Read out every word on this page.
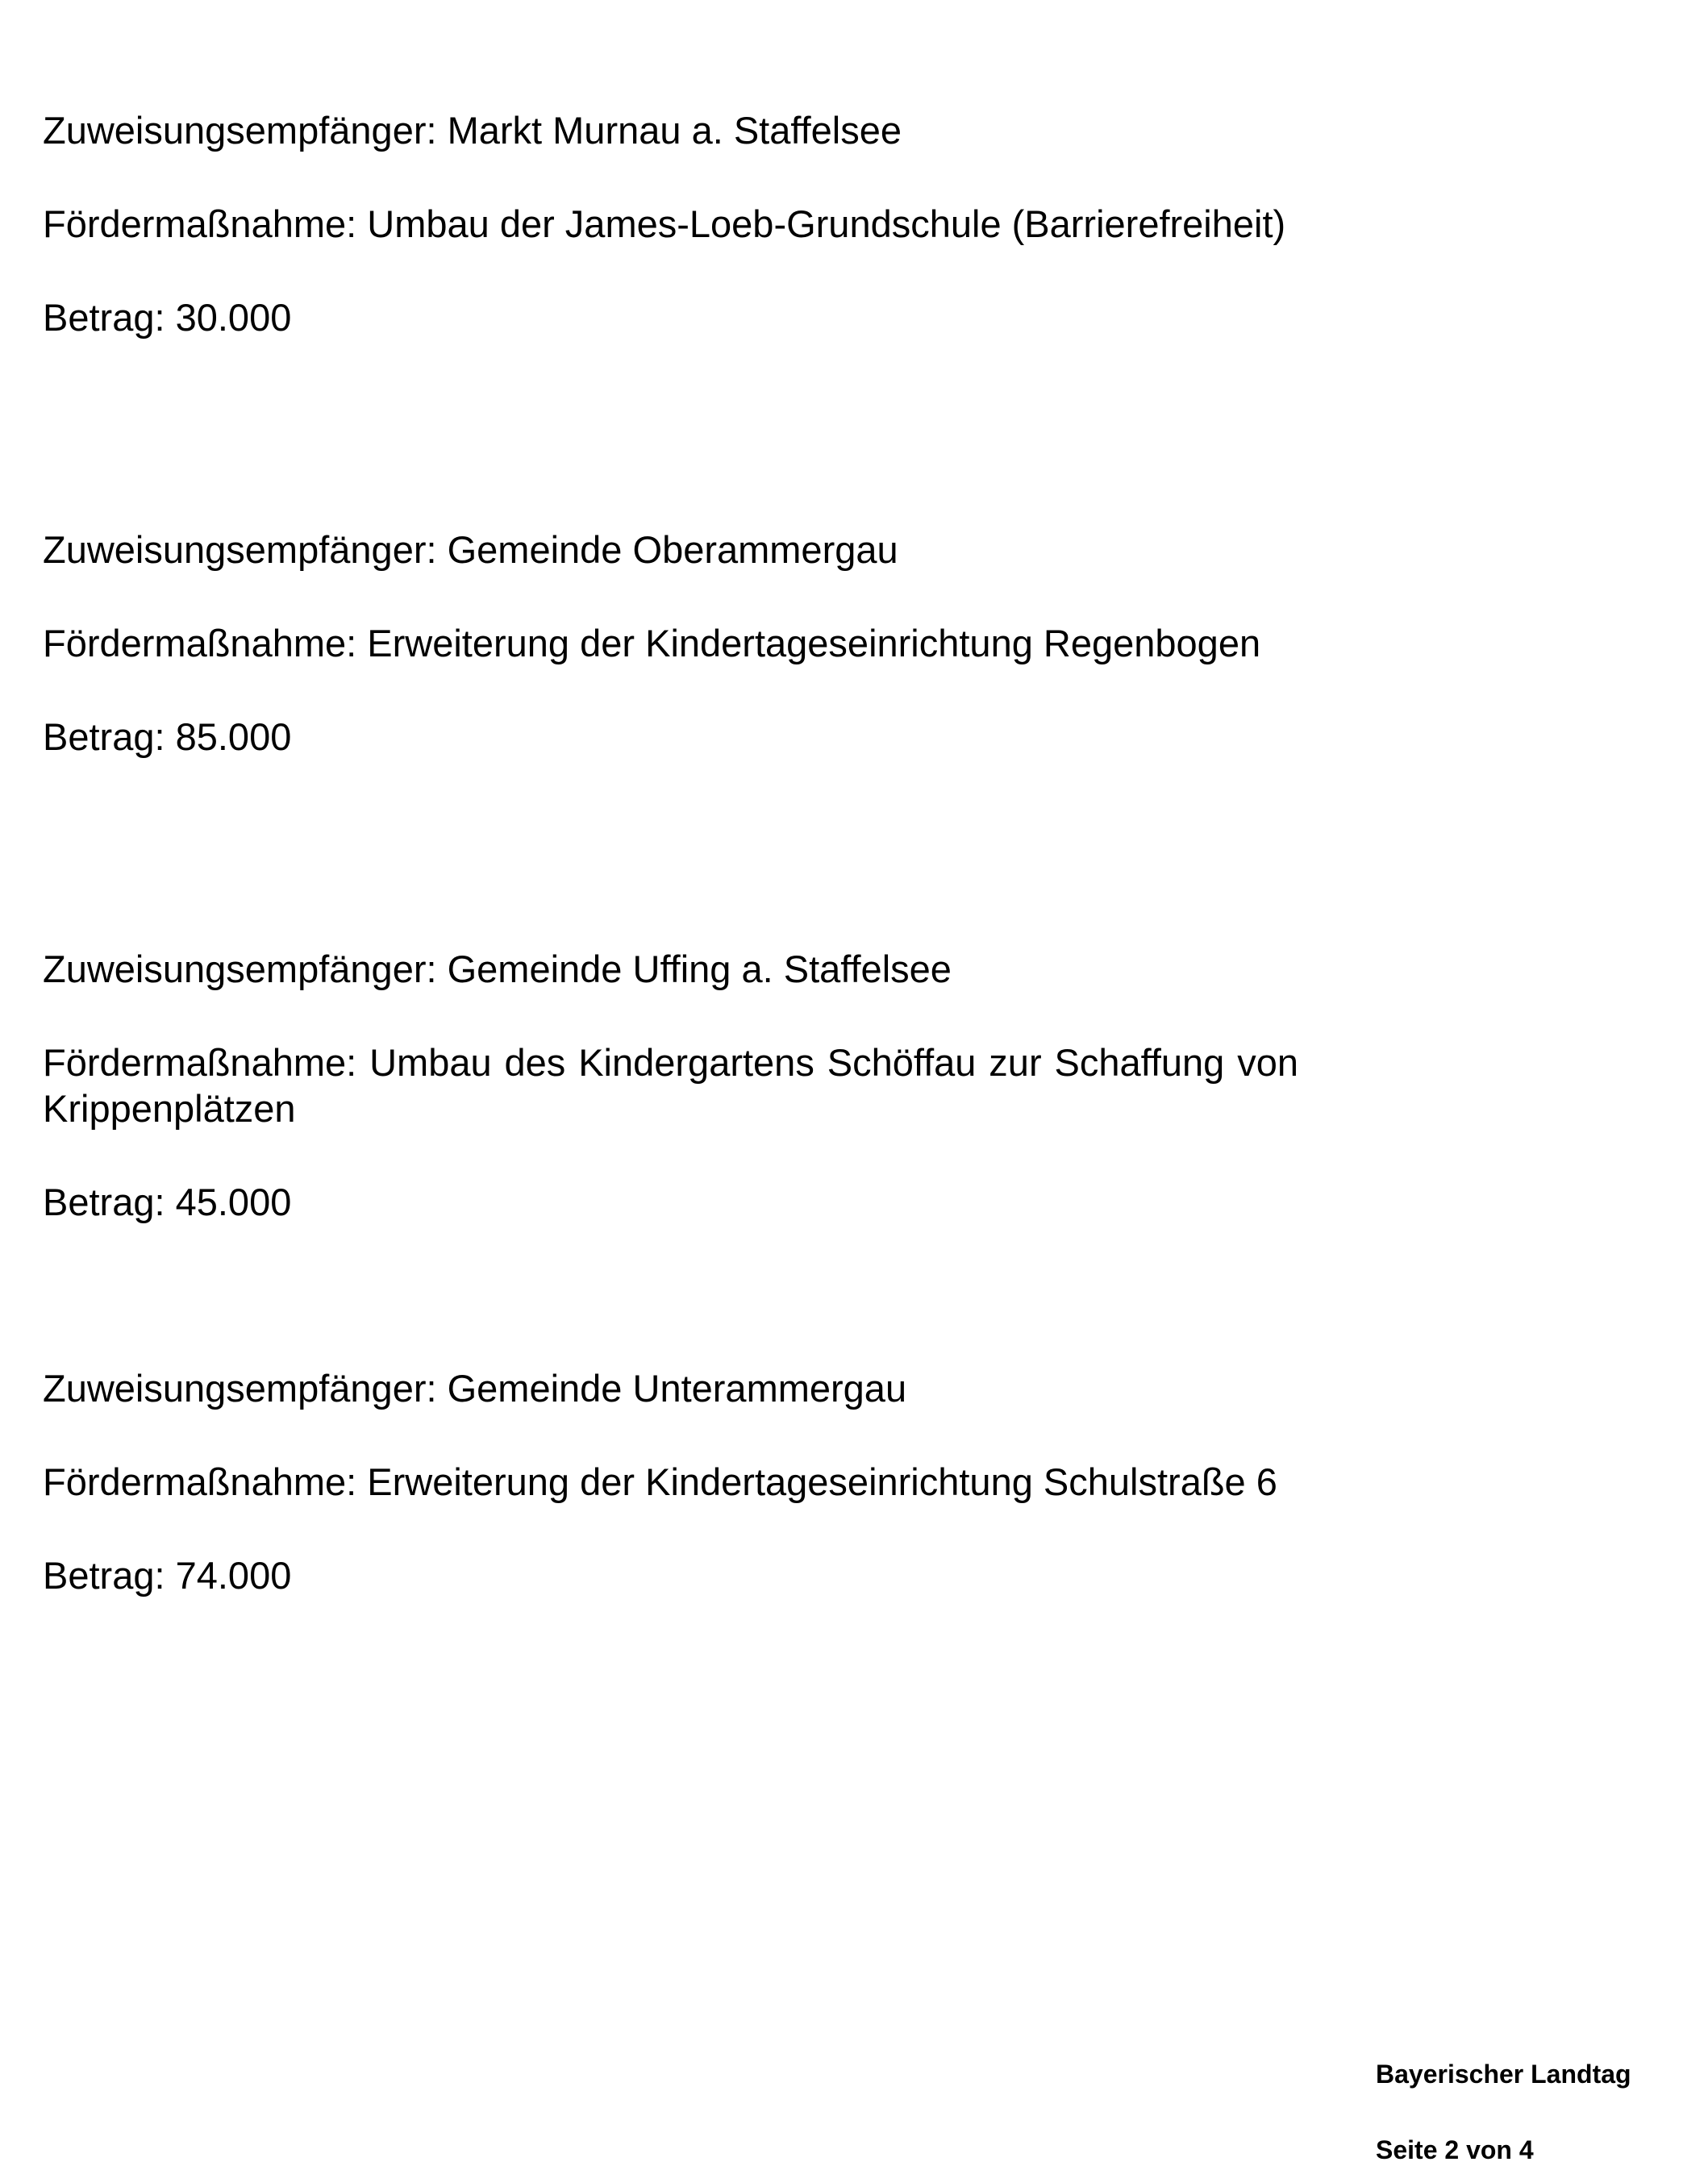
Zuweisungsempfänger: Markt Murnau a. Staffelsee

Fördermaßnahme: Umbau der James-Loeb-Grundschule (Barrierefreiheit)

Betrag: 30.000

Zuweisungsempfänger: Gemeinde Oberammergau

Fördermaßnahme: Erweiterung der Kindertageseinrichtung Regenbogen

Betrag: 85.000

Zuweisungsempfänger: Gemeinde Uffing a. Staffelsee

Fördermaßnahme: Umbau des Kindergartens Schöffau zur Schaffung von Krippenplätzen

Betrag: 45.000

Zuweisungsempfänger: Gemeinde Unterammergau

Fördermaßnahme: Erweiterung der Kindertageseinrichtung Schulstraße 6

Betrag: 74.000

Bayerischer Landtag
Seite 2 von 4
